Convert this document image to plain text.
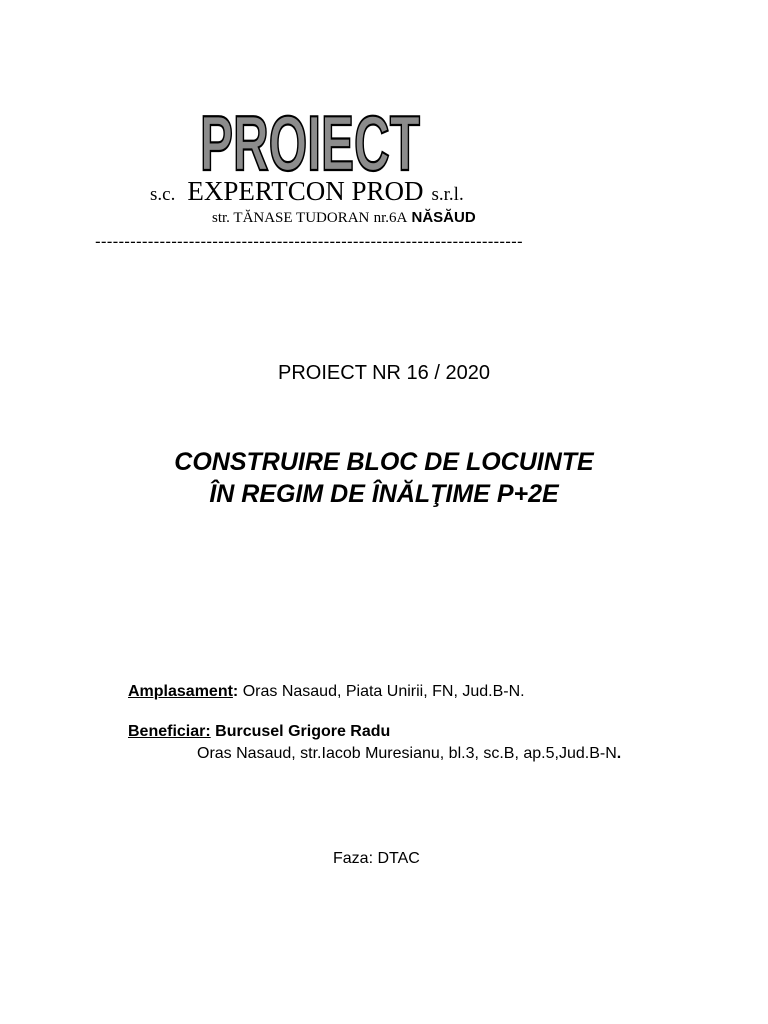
PROIECT
s.c. EXPERTCON PROD s.r.l.
str. TĂNASE TUDORAN nr.6A NĂSĂUD
-------------------------------------------------------------------------
PROIECT NR 16 / 2020
CONSTRUIRE BLOC DE LOCUINTE
ÎN REGIM DE ÎNĂLŢIME P+2E
Amplasament: Oras Nasaud, Piata Unirii, FN, Jud.B-N.
Beneficiar: Burcusel Grigore Radu
Oras Nasaud, str.Iacob Muresianu, bl.3, sc.B, ap.5,Jud.B-N.
Faza: DTAC
